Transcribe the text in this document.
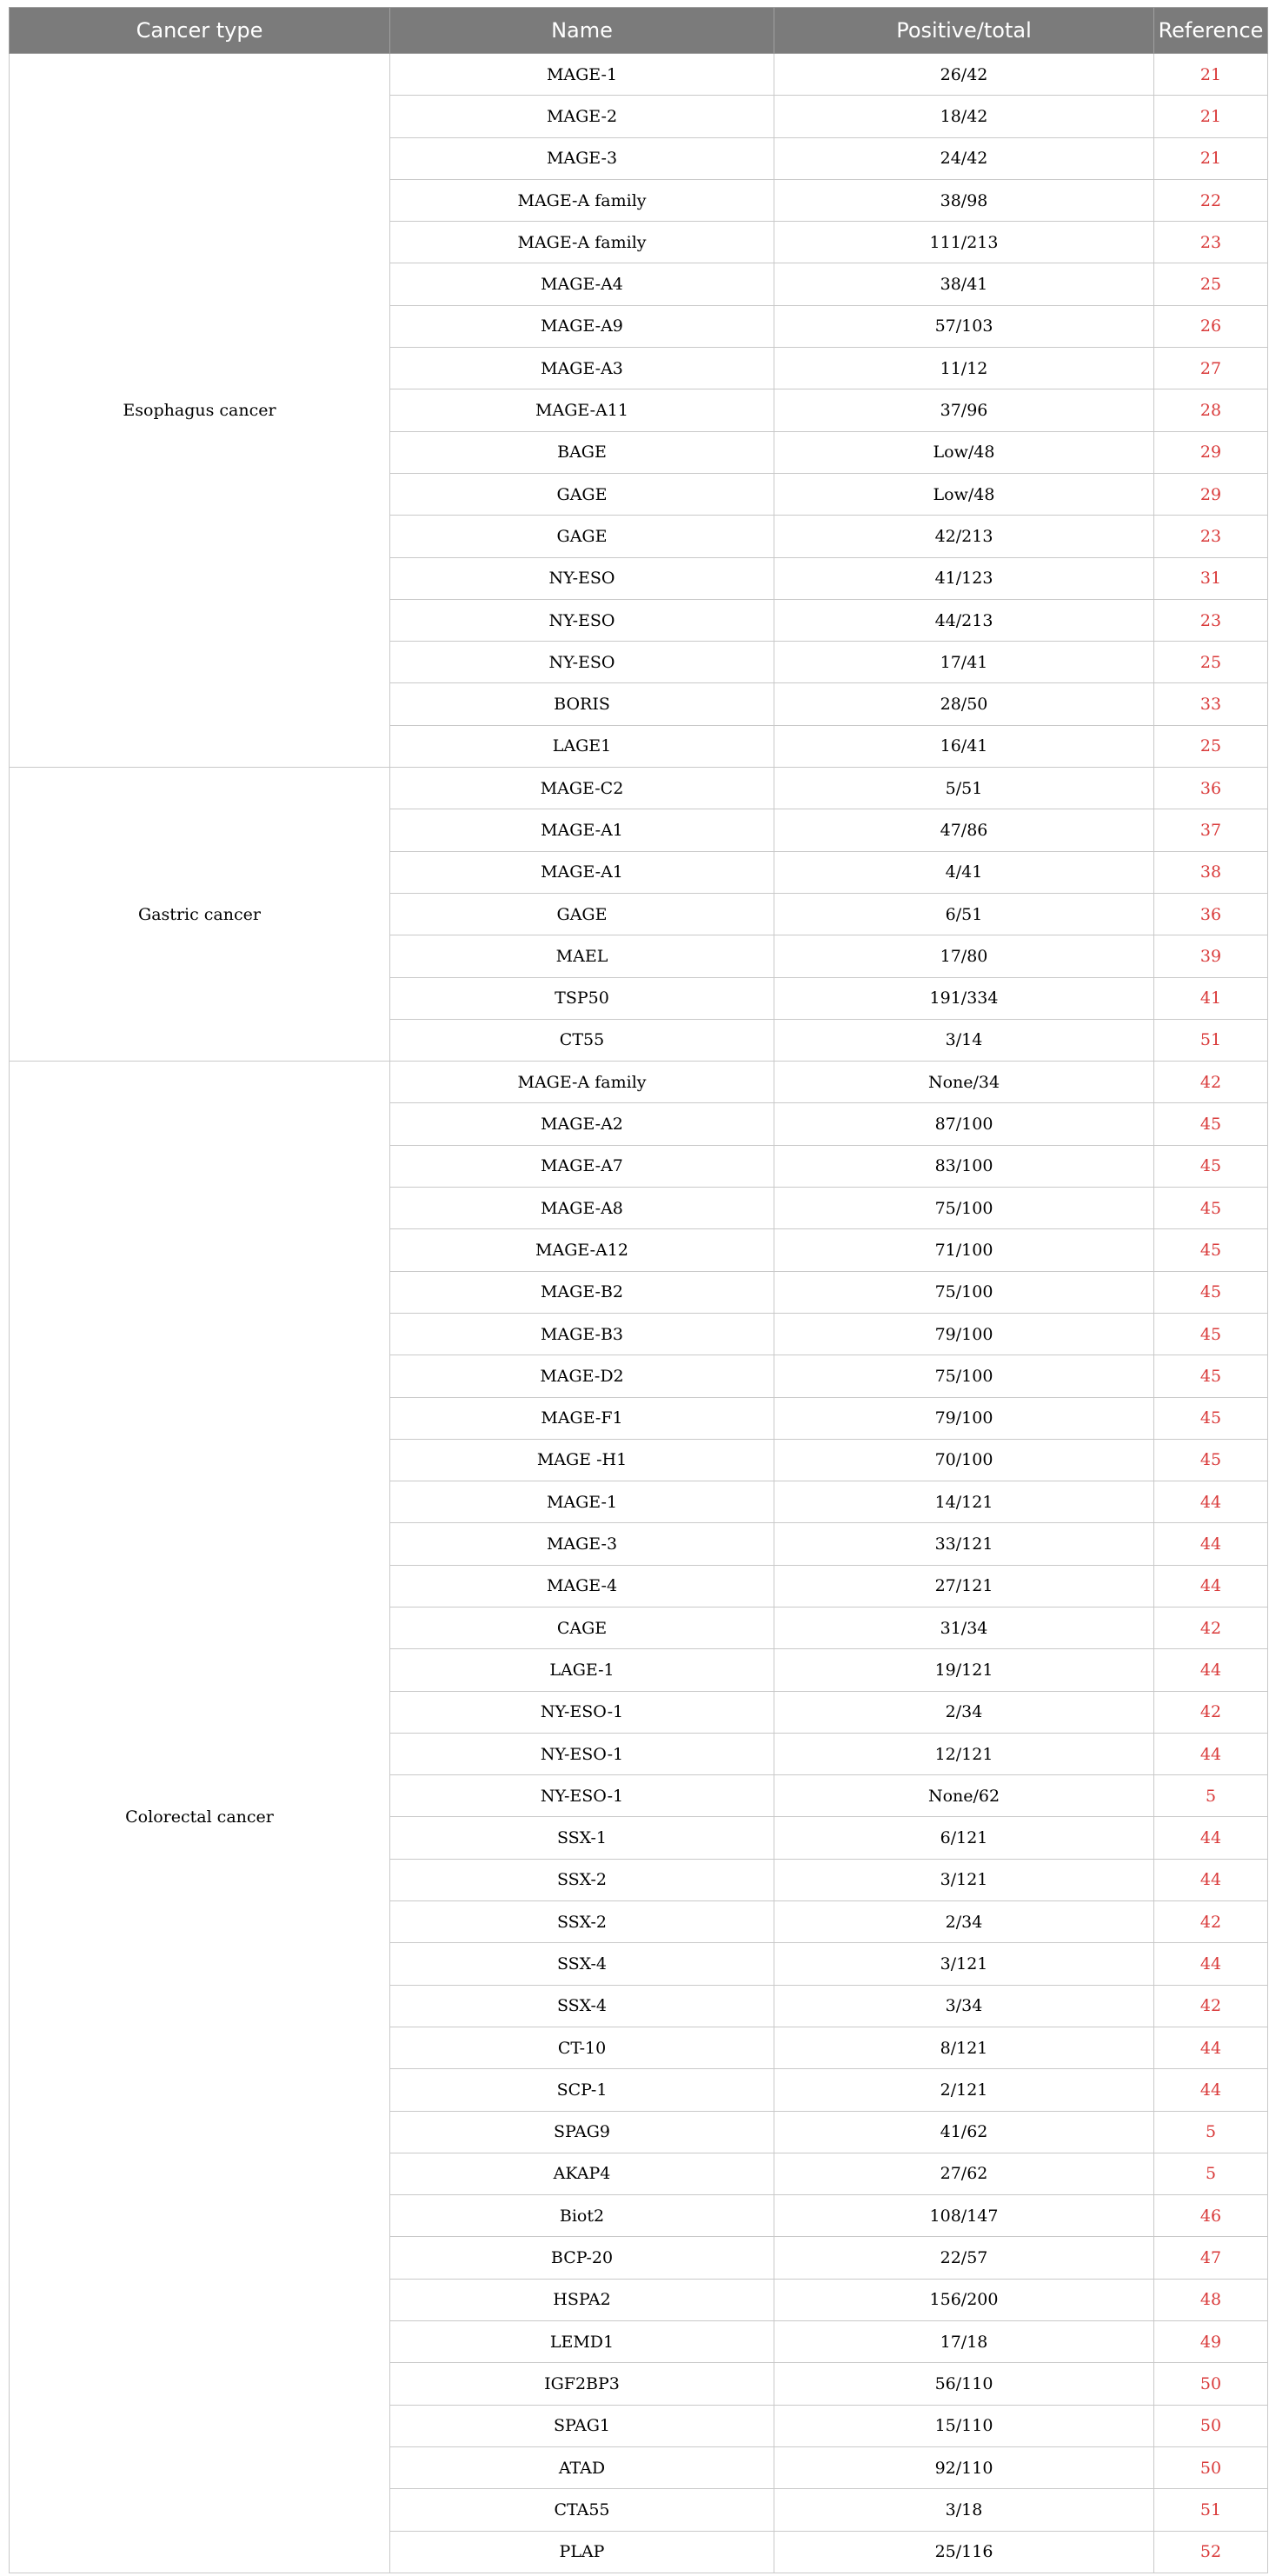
Cancer type	Name	Positive/total	Reference
Esophagus cancer	MAGE-1	26/42	21
	MAGE-2	18/42	21
	MAGE-3	24/42	21
	MAGE-A family	38/98	22
	MAGE-A family	111/213	23
	MAGE-A4	38/41	25
	MAGE-A9	57/103	26
	MAGE-A3	11/12	27
	MAGE-A11	37/96	28
	BAGE	Low/48	29
	GAGE	Low/48	29
	GAGE	42/213	23
	NY-ESO	41/123	31
	NY-ESO	44/213	23
	NY-ESO	17/41	25
	BORIS	28/50	33
	LAGE1	16/41	25
Gastric cancer	MAGE-C2	5/51	36
	MAGE-A1	47/86	37
	MAGE-A1	4/41	38
	GAGE	6/51	36
	MAEL	17/80	39
	TSP50	191/334	41
	CT55	3/14	51
Colorectal cancer	MAGE-A family	None/34	42
	MAGE-A2	87/100	45
	MAGE-A7	83/100	45
	MAGE-A8	75/100	45
	MAGE-A12	71/100	45
	MAGE-B2	75/100	45
	MAGE-B3	79/100	45
	MAGE-D2	75/100	45
	MAGE-F1	79/100	45
	MAGE -H1	70/100	45
	MAGE-1	14/121	44
	MAGE-3	33/121	44
	MAGE-4	27/121	44
	CAGE	31/34	42
	LAGE-1	19/121	44
	NY-ESO-1	2/34	42
	NY-ESO-1	12/121	44
	NY-ESO-1	None/62	5
	SSX-1	6/121	44
	SSX-2	3/121	44
	SSX-2	2/34	42
	SSX-4	3/121	44
	SSX-4	3/34	42
	CT-10	8/121	44
	SCP-1	2/121	44
	SPAG9	41/62	5
	AKAP4	27/62	5
	Biot2	108/147	46
	BCP-20	22/57	47
	HSPA2	156/200	48
	LEMD1	17/18	49
	IGF2BP3	56/110	50
	SPAG1	15/110	50
	ATAD	92/110	50
	CTA55	3/18	51
	PLAP	25/116	52
